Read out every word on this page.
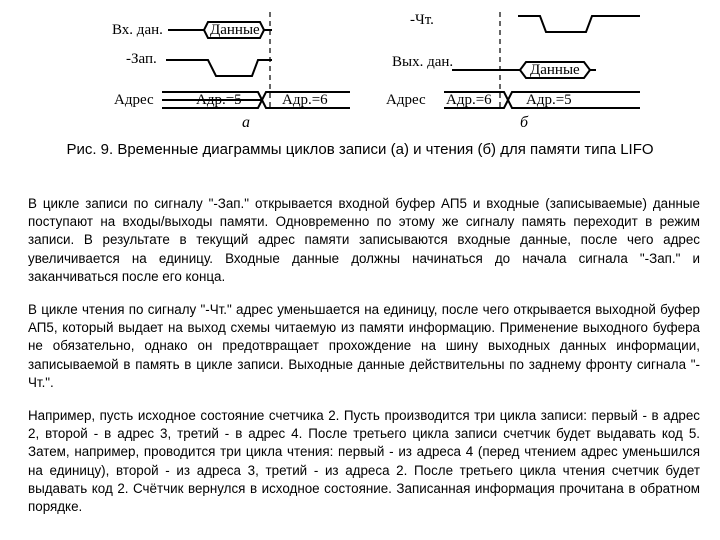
Вх. дан.	Данные
-Зап.
Адрес	Адр.=5	Адр.=6
а
-Чт.
Вых. дан.	Данные
Адрес Адр.=6 Адр.=5
б

Рис. 9. Временные диаграммы циклов записи (а) и чтения (б) для памяти типа LIFO

В цикле записи по сигналу "-Зап." открывается входной буфер АП5 и входные (записываемые) данные поступают на входы/выходы памяти. Одновременно по этому же сигналу память переходит в режим записи. В результате в текущий адрес памяти записываются входные данные, после чего адрес увеличивается на единицу. Входные данные должны начинаться до начала сигнала "-Зап." и заканчиваться после его конца.

В цикле чтения по сигналу "-Чт." адрес уменьшается на единицу, после чего открывается выходной буфер АП5, который выдает на выход схемы читаемую из памяти информацию. Применение выходного буфера не обязательно, однако он предотвращает прохождение на шину выходных данных информации, записываемой в память в цикле записи. Выходные данные действительны по заднему фронту сигнала "-Чт.".

Например, пусть исходное состояние счетчика 2. Пусть производится три цикла записи: первый - в адрес 2, второй - в адрес 3, третий - в адрес 4. После третьего цикла записи счетчик будет выдавать код 5. Затем, например, проводится три цикла чтения: первый - из адреса 4 (перед чтением адрес уменьшился на единицу), второй - из адреса 3, третий - из адреса 2. После третьего цикла чтения счетчик будет выдавать код 2. Счётчик вернулся в исходное состояние. Записанная информация прочитана в обратном порядке.
